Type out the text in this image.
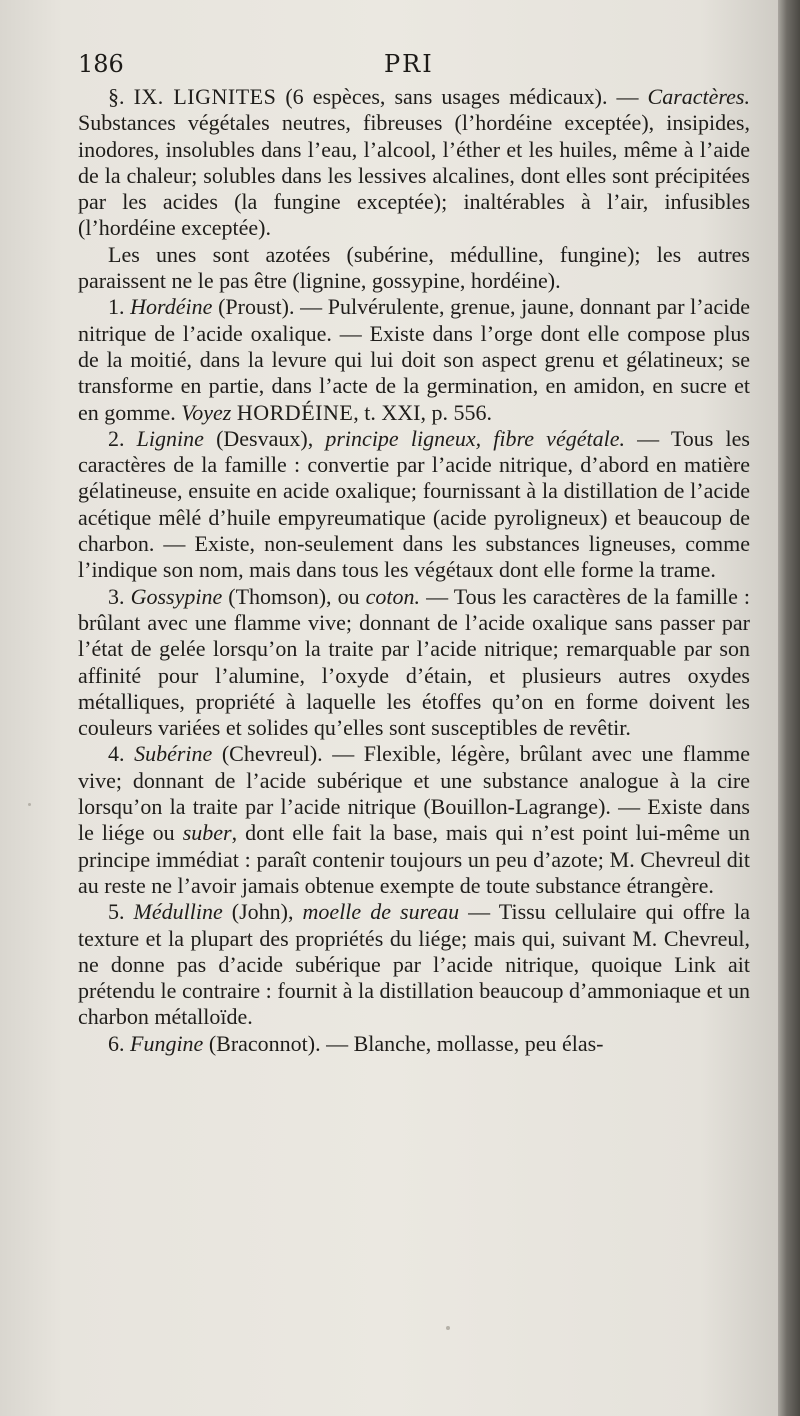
186	PRI

§. IX. LIGNITES (6 espèces, sans usages médicaux). — Caractères. Substances végétales neutres, fibreuses (l’hordéine exceptée), insipides, inodores, insolubles dans l’eau, l’alcool, l’éther et les huiles, même à l’aide de la chaleur; solubles dans les lessives alcalines, dont elles sont précipitées par les acides (la fungine exceptée); inaltérables à l’air, infusibles (l’hordéine exceptée).

Les unes sont azotées (subérine, médulline, fungine); les autres paraissent ne le pas être (lignine, gossypine, hordéine).

1. Hordéine (Proust). — Pulvérulente, grenue, jaune, donnant par l’acide nitrique de l’acide oxalique. — Existe dans l’orge dont elle compose plus de la moitié, dans la levure qui lui doit son aspect grenu et gélatineux; se transforme en partie, dans l’acte de la germination, en amidon, en sucre et en gomme. Voyez HORDÉINE, t. XXI, p. 556.

2. Lignine (Desvaux), principe ligneux, fibre végétale. — Tous les caractères de la famille : convertie par l’acide nitrique, d’abord en matière gélatineuse, ensuite en acide oxalique; fournissant à la distillation de l’acide acétique mêlé d’huile empyreumatique (acide pyroligneux) et beaucoup de charbon. — Existe, non-seulement dans les substances ligneuses, comme l’indique son nom, mais dans tous les végétaux dont elle forme la trame.

3. Gossypine (Thomson), ou coton. — Tous les caractères de la famille : brûlant avec une flamme vive; donnant de l’acide oxalique sans passer par l’état de gelée lorsqu’on la traite par l’acide nitrique; remarquable par son affinité pour l’alumine, l’oxyde d’étain, et plusieurs autres oxydes métalliques, propriété à laquelle les étoffes qu’on en forme doivent les couleurs variées et solides qu’elles sont susceptibles de revêtir.

4. Subérine (Chevreul). — Flexible, légère, brûlant avec une flamme vive; donnant de l’acide subérique et une substance analogue à la cire lorsqu’on la traite par l’acide nitrique (Bouillon-Lagrange). — Existe dans le liége ou suber, dont elle fait la base, mais qui n’est point lui-même un principe immédiat : paraît contenir toujours un peu d’azote; M. Chevreul dit au reste ne l’avoir jamais obtenue exempte de toute substance étrangère.

5. Médulline (John), moelle de sureau — Tissu cellulaire qui offre la texture et la plupart des propriétés du liége; mais qui, suivant M. Chevreul, ne donne pas d’acide subérique par l’acide nitrique, quoique Link ait prétendu le contraire : fournit à la distillation beaucoup d’ammoniaque et un charbon métalloïde.

6. Fungine (Braconnot). — Blanche, mollasse, peu élas-
